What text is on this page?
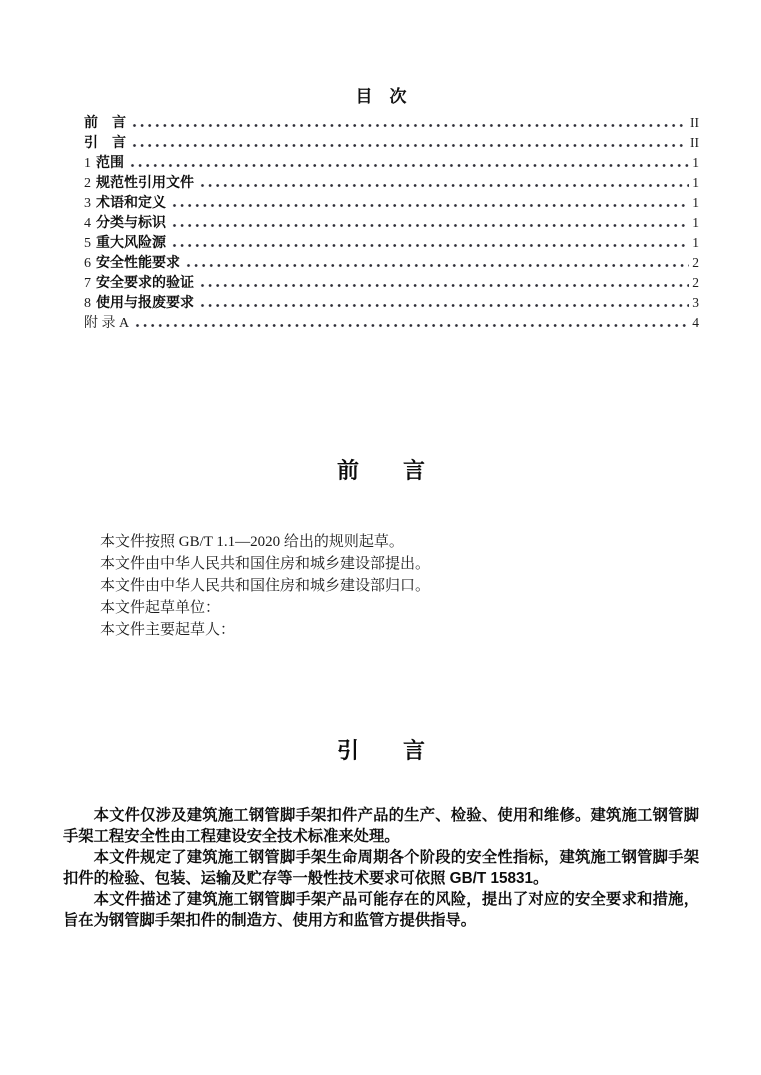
目　次
前　言	II
引　言	II
1 范围	1
2 规范性引用文件	1
3 术语和定义	1
4 分类与标识	1
5 重大风险源	1
6 安全性能要求	2
7 安全要求的验证	2
8 使用与报废要求	3
附 录 A	4
前　　言

本文件按照 GB/T 1.1—2020 给出的规则起草。

本文件由中华人民共和国住房和城乡建设部提出。

本文件由中华人民共和国住房和城乡建设部归口。

本文件起草单位：

本文件主要起草人：

引　　言

本文件仅涉及建筑施工钢管脚手架扣件产品的生产、检验、使用和维修。建筑施工钢管脚手架工程安全性由工程建设安全技术标准来处理。

本文件规定了建筑施工钢管脚手架生命周期各个阶段的安全性指标，建筑施工钢管脚手架扣件的检验、包装、运输及贮存等一般性技术要求可依照 GB/T 15831。

本文件描述了建筑施工钢管脚手架产品可能存在的风险，提出了对应的安全要求和措施，旨在为钢管脚手架扣件的制造方、使用方和监管方提供指导。
